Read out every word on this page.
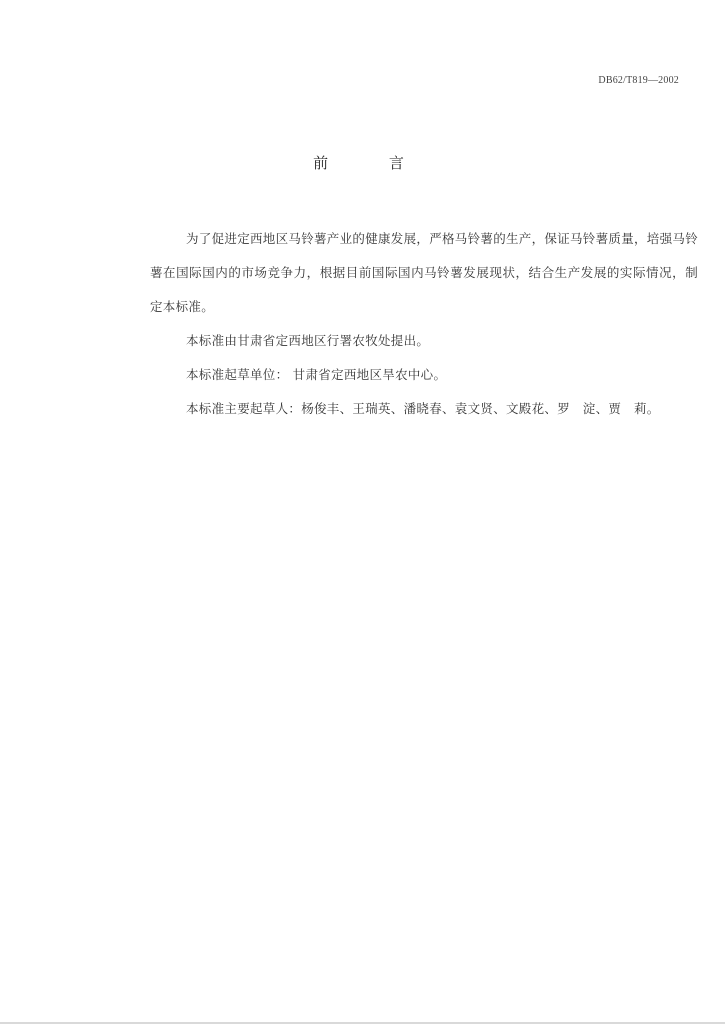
DB62/T819—2002
前 言

为了促进定西地区马铃薯产业的健康发展，严格马铃薯的生产，保证马铃薯质量，培强马铃薯在国际国内的市场竞争力，根据目前国际国内马铃薯发展现状，结合生产发展的实际情况，制定本标准。

本标准由甘肃省定西地区行署农牧处提出。

本标准起草单位： 甘肃省定西地区旱农中心。

本标准主要起草人：杨俊丰、王瑞英、潘晓春、袁文贤、文殿花、罗　淀、贾　莉。
